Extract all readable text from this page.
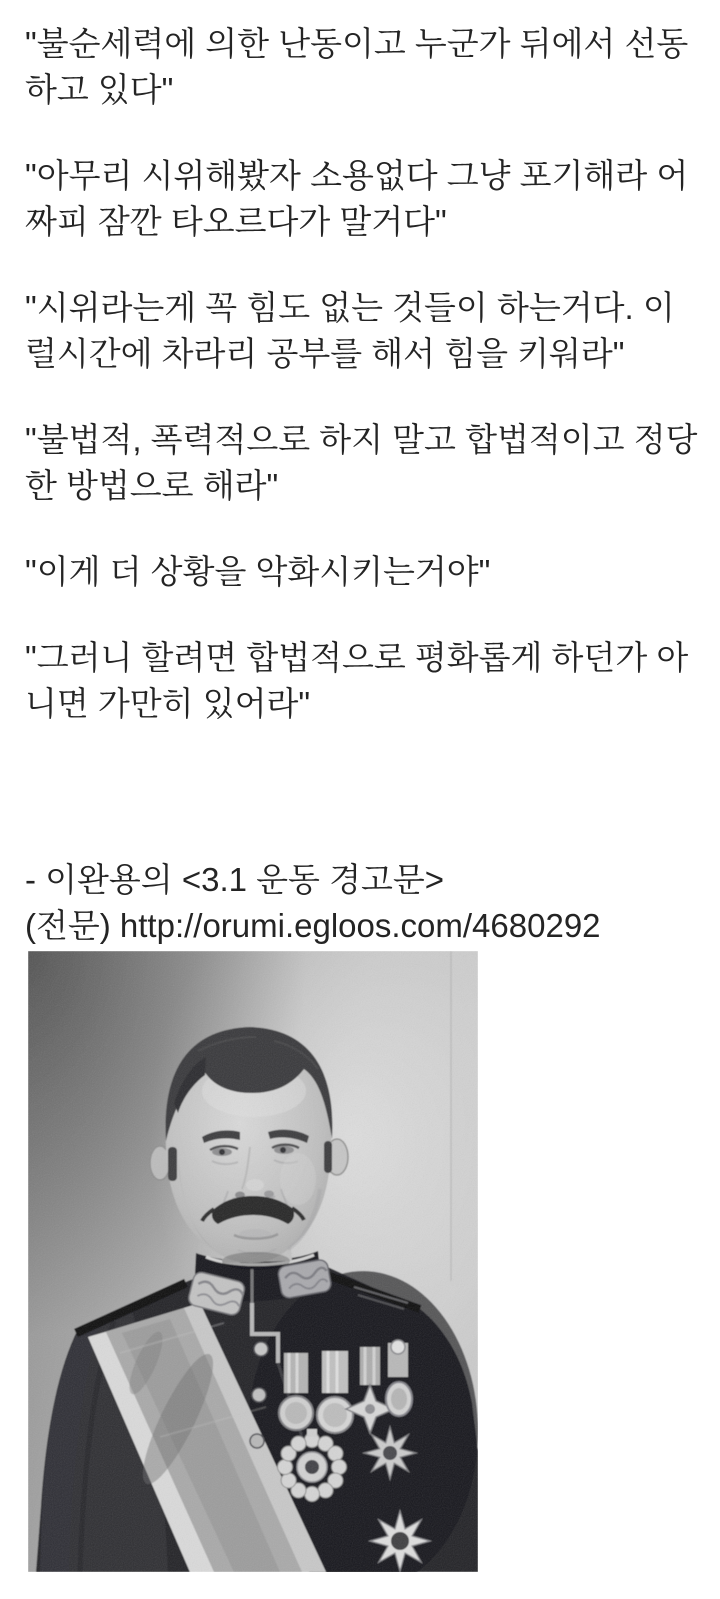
"불순세력에 의한 난동이고 누군가 뒤에서 선동하고 있다"

"아무리 시위해봤자 소용없다 그냥 포기해라 어짜피 잠깐 타오르다가 말거다"

"시위라는게 꼭 힘도 없는 것들이 하는거다. 이럴시간에 차라리 공부를 해서 힘을 키워라"

"불법적, 폭력적으로 하지 말고 합법적이고 정당한 방법으로 해라"

"이게 더 상황을 악화시키는거야"

"그러니 할려면 합법적으로 평화롭게 하던가 아니면 가만히 있어라"

- 이완용의 <3.1 운동 경고문>

(전문) http://orumi.egloos.com/4680292
